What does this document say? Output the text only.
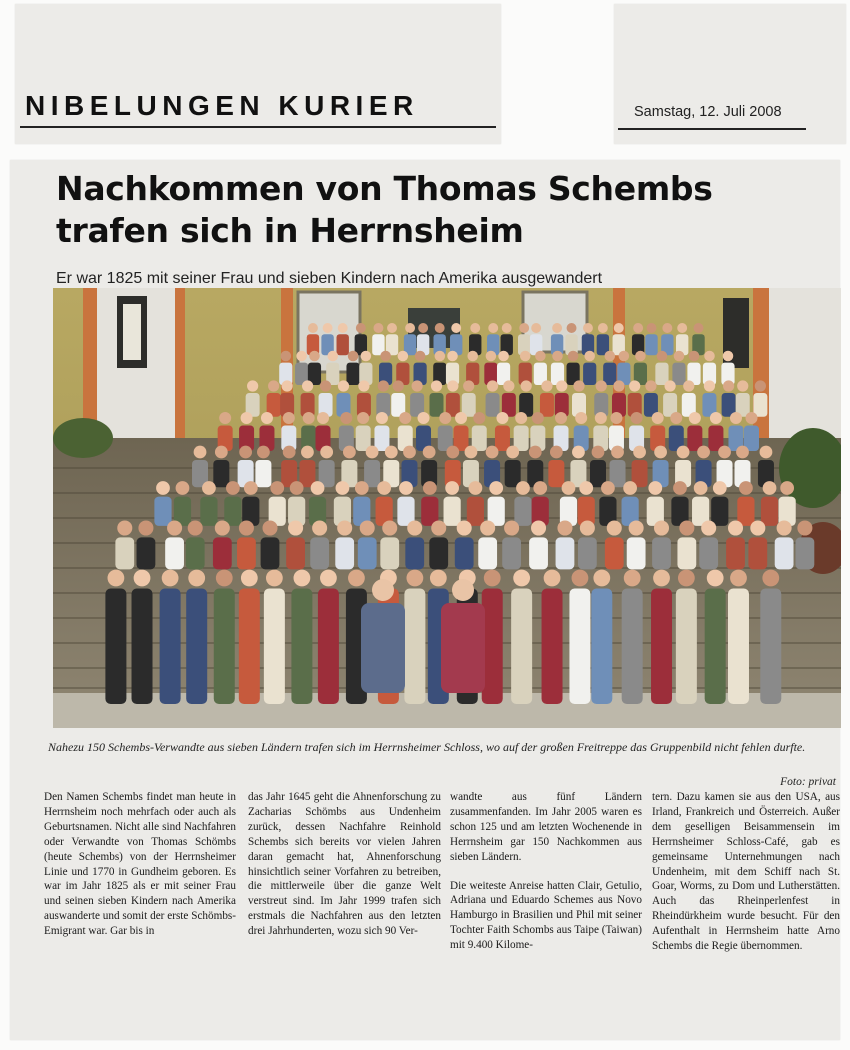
NIBELUNGEN KURIER	Samstag, 12. Juli 2008
Nachkommen von Thomas Schembs
trafen sich in Herrnsheim

Er war 1825 mit seiner Frau und sieben Kindern nach Amerika ausgewandert

Nahezu 150 Schembs-Verwandte aus sieben Ländern trafen sich im Herrnsheimer Schloss, wo auf der großen Freitreppe das Gruppenbild nicht fehlen durfte.

Foto: privat

Den Namen Schembs findet man heute in Herrnsheim noch mehrfach oder auch als Geburtsnamen. Nicht alle sind Nachfahren oder Verwandte von Thomas Schömbs (heute Schembs) von der Herrnsheimer Linie und 1770 in Gundheim geboren. Es war im Jahr 1825 als er mit seiner Frau und seinen sieben Kindern nach Amerika auswanderte und somit der erste Schömbs-Emigrant war. Gar bis in

das Jahr 1645 geht die Ahnenforschung zu Zacharias Schömbs aus Undenheim zurück, dessen Nachfahre Reinhold Schembs sich bereits vor vielen Jahren daran gemacht hat, Ahnenforschung hinsichtlich seiner Vorfahren zu betreiben, die mittlerweile über die ganze Welt verstreut sind. Im Jahr 1999 trafen sich erstmals die Nachfahren aus den letzten drei Jahrhunderten, wozu sich 90 Ver-

wandte aus fünf Ländern zusammenfanden. Im Jahr 2005 waren es schon 125 und am letzten Wochenende in Herrnsheim gar 150 Nachkommen aus sieben Ländern.

Die weiteste Anreise hatten Clair, Getulio, Adriana und Eduardo Schemes aus Novo Hamburgo in Brasilien und Phil mit seiner Tochter Faith Schombs aus Taipe (Taiwan) mit 9.400 Kilome-

tern. Dazu kamen sie aus den USA, aus Irland, Frankreich und Österreich. Außer dem geselligen Beisammensein im Herrnsheimer Schloss-Café, gab es gemeinsame Unternehmungen nach Undenheim, mit dem Schiff nach St. Goar, Worms, zu Dom und Lutherstätten. Auch das Rheinperlenfest in Rheindürkheim wurde besucht. Für den Aufenthalt in Herrnsheim hatte Arno Schembs die Regie übernommen.
